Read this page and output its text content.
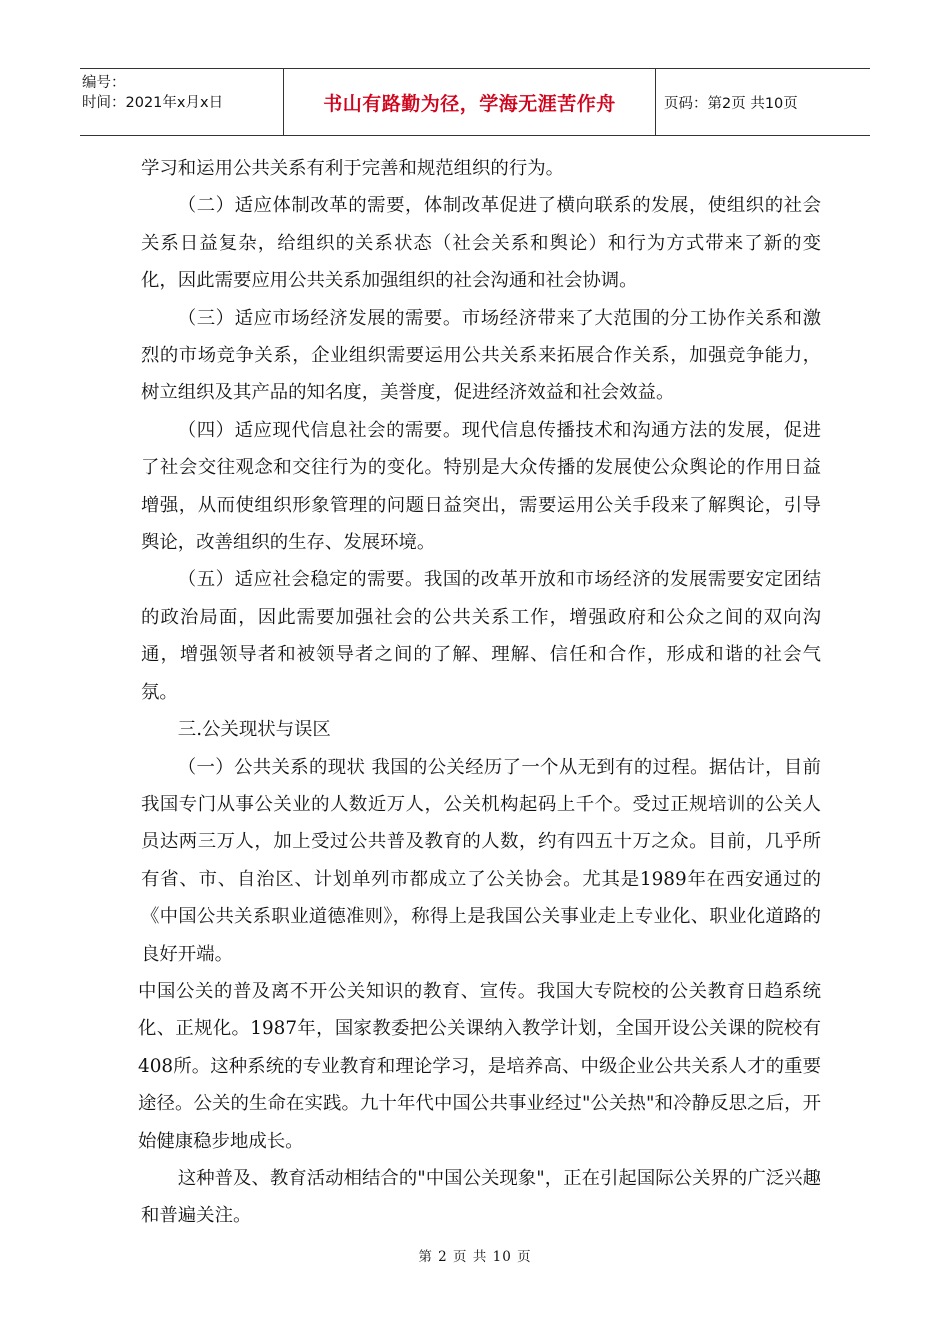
编号：
时间：2021年x月x日	书山有路勤为径，学海无涯苦作舟	页码：第2页 共10页

学习和运用公共关系有利于完善和规范组织的行为。

（二）适应体制改革的需要，体制改革促进了横向联系的发展，使组织的社会关系日益复杂，给组织的关系状态（社会关系和舆论）和行为方式带来了新的变化，因此需要应用公共关系加强组织的社会沟通和社会协调。

（三）适应市场经济发展的需要。市场经济带来了大范围的分工协作关系和激烈的市场竞争关系，企业组织需要运用公共关系来拓展合作关系，加强竞争能力，树立组织及其产品的知名度，美誉度，促进经济效益和社会效益。

（四）适应现代信息社会的需要。现代信息传播技术和沟通方法的发展，促进了社会交往观念和交往行为的变化。特别是大众传播的发展使公众舆论的作用日益增强，从而使组织形象管理的问题日益突出，需要运用公关手段来了解舆论，引导舆论，改善组织的生存、发展环境。

（五）适应社会稳定的需要。我国的改革开放和市场经济的发展需要安定团结的政治局面，因此需要加强社会的公共关系工作，增强政府和公众之间的双向沟通，增强领导者和被领导者之间的了解、理解、信任和合作，形成和谐的社会气氛。

三.公关现状与误区

（一）公共关系的现状 我国的公关经历了一个从无到有的过程。据估计，目前我国专门从事公关业的人数近万人，公关机构起码上千个。受过正规培训的公关人员达两三万人，加上受过公共普及教育的人数，约有四五十万之众。目前，几乎所有省、市、自治区、计划单列市都成立了公关协会。尤其是1989年在西安通过的《中国公共关系职业道德准则》，称得上是我国公关事业走上专业化、职业化道路的良好开端。

中国公关的普及离不开公关知识的教育、宣传。我国大专院校的公关教育日趋系统化、正规化。1987年，国家教委把公关课纳入教学计划，全国开设公关课的院校有408所。这种系统的专业教育和理论学习，是培养高、中级企业公共关系人才的重要途径。公关的生命在实践。九十年代中国公共事业经过"公关热"和冷静反思之后，开始健康稳步地成长。

这种普及、教育活动相结合的"中国公关现象"，正在引起国际公关界的广泛兴趣和普遍关注。

第 2 页 共 10 页
